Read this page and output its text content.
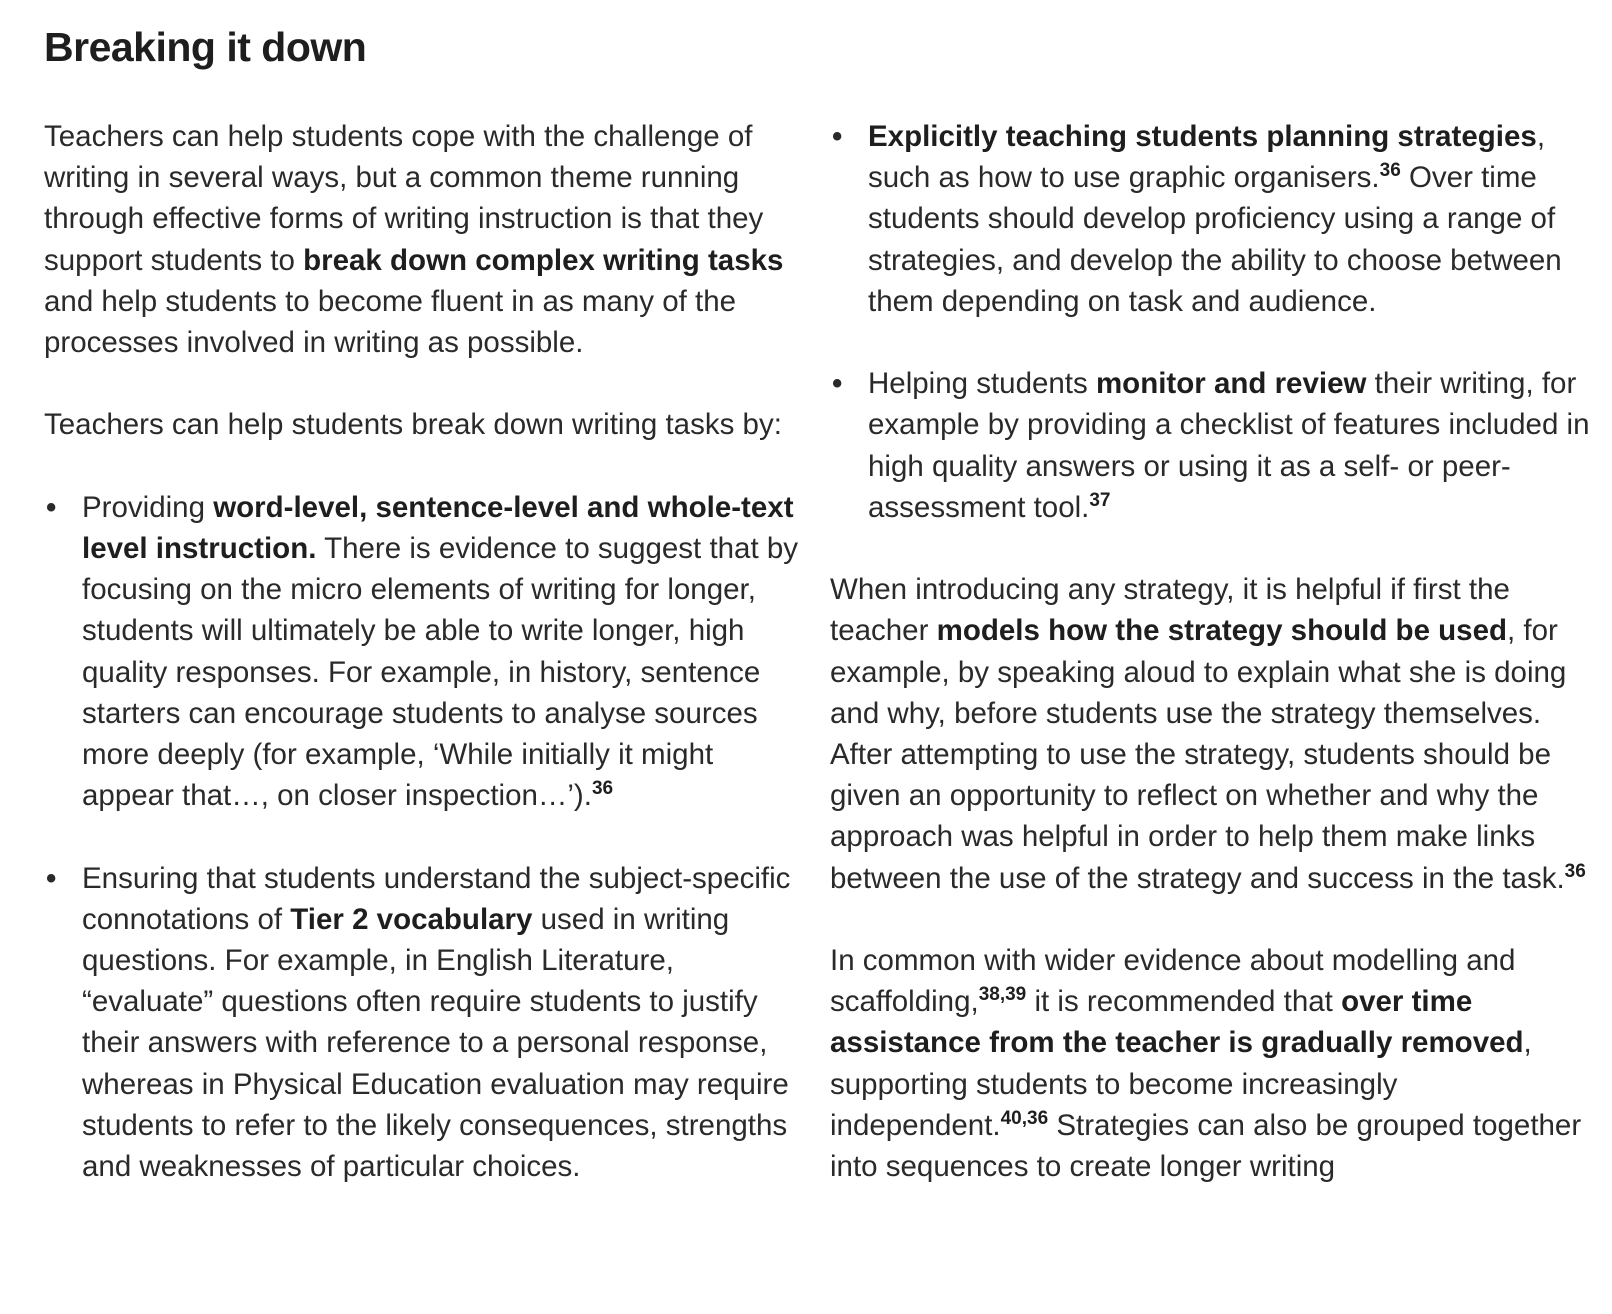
Breaking it down

Teachers can help students cope with the challenge of writing in several ways, but a common theme running through effective forms of writing instruction is that they support students to break down complex writing tasks and help students to become fluent in as many of the processes involved in writing as possible.

Teachers can help students break down writing tasks by:

• Providing word-level, sentence-level and whole-text level instruction. There is evidence to suggest that by focusing on the micro elements of writing for longer, students will ultimately be able to write longer, high quality responses. For example, in history, sentence starters can encourage students to analyse sources more deeply (for example, ‘While initially it might appear that…, on closer inspection…’).$^{36}$
• Ensuring that students understand the subject-specific connotations of Tier 2 vocabulary used in writing questions. For example, in English Literature, “evaluate” questions often require students to justify their answers with reference to a personal response, whereas in Physical Education evaluation may require students to refer to the likely consequences, strengths and weaknesses of particular choices.
• Explicitly teaching students planning strategies, such as how to use graphic organisers.$^{36}$ Over time students should develop proficiency using a range of strategies, and develop the ability to choose between them depending on task and audience.
• Helping students monitor and review their writing, for example by providing a checklist of features included in high quality answers or using it as a self- or peer-assessment tool.$^{37}$

When introducing any strategy, it is helpful if first the teacher models how the strategy should be used, for example, by speaking aloud to explain what she is doing and why, before students use the strategy themselves. After attempting to use the strategy, students should be given an opportunity to reflect on whether and why the approach was helpful in order to help them make links between the use of the strategy and success in the task.$^{36}$

In common with wider evidence about modelling and scaffolding,$^{38,39}$ it is recommended that over time assistance from the teacher is gradually removed, supporting students to become increasingly independent.$^{40,36}$ Strategies can also be grouped together into sequences to create longer writing
